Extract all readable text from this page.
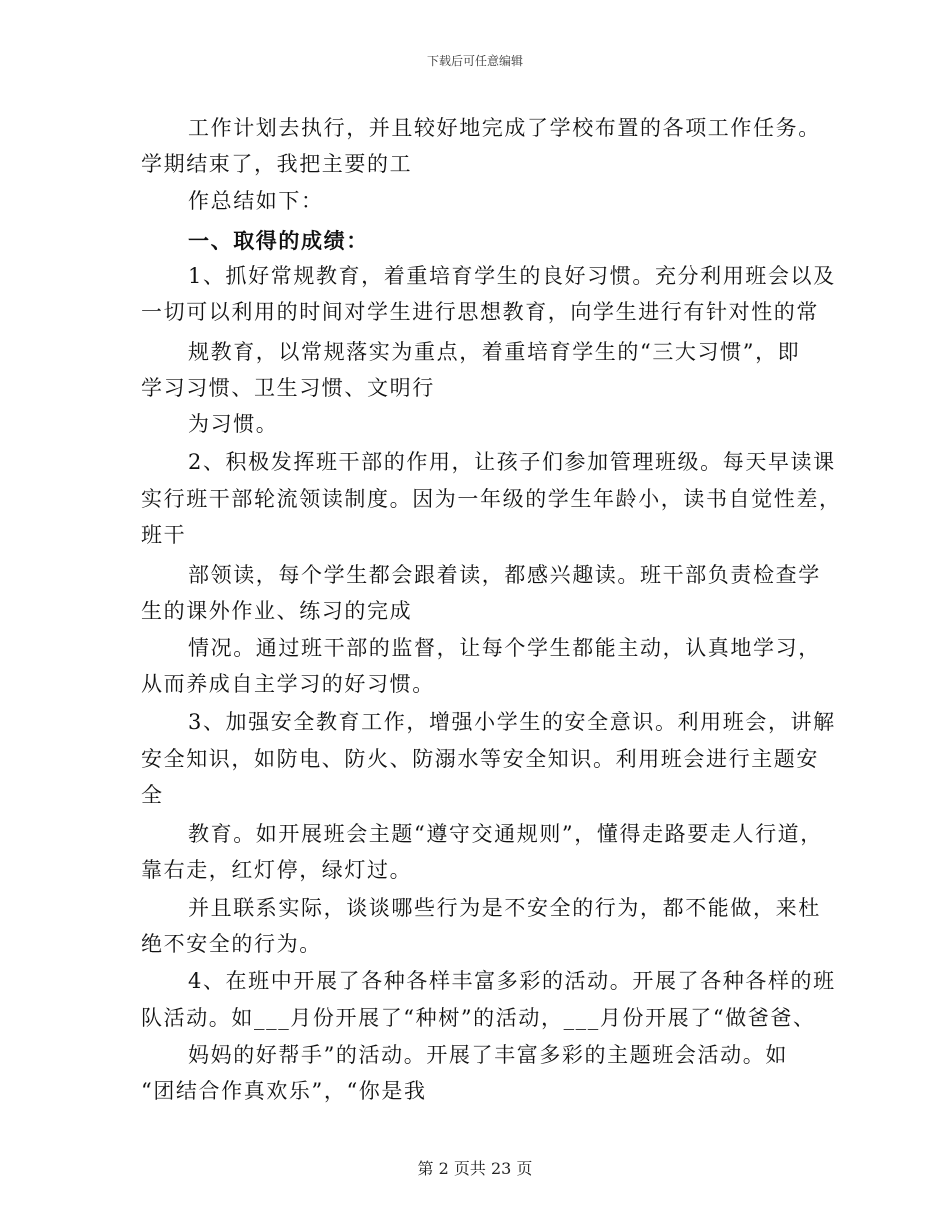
下载后可任意编辑
工作计划去执行，并且较好地完成了学校布置的各项工作任务。
学期结束了，我把主要的工
作总结如下：
一、取得的成绩：
1、抓好常规教育，着重培育学生的良好习惯。充分利用班会以及
一切可以利用的时间对学生进行思想教育，向学生进行有针对性的常
规教育，以常规落实为重点，着重培育学生的“三大习惯”，即
学习习惯、卫生习惯、文明行
为习惯。
2、积极发挥班干部的作用，让孩子们参加管理班级。每天早读课
实行班干部轮流领读制度。因为一年级的学生年龄小，读书自觉性差，
班干
部领读，每个学生都会跟着读，都感兴趣读。班干部负责检查学
生的课外作业、练习的完成
情况。通过班干部的监督，让每个学生都能主动，认真地学习，
从而养成自主学习的好习惯。
3、加强安全教育工作，增强小学生的安全意识。利用班会，讲解
安全知识，如防电、防火、防溺水等安全知识。利用班会进行主题安
全
教育。如开展班会主题“遵守交通规则”，懂得走路要走人行道，
靠右走，红灯停，绿灯过。
并且联系实际，谈谈哪些行为是不安全的行为，都不能做，来杜
绝不安全的行为。
4、在班中开展了各种各样丰富多彩的活动。开展了各种各样的班
队活动。如___月份开展了“种树”的活动，___月份开展了“做爸爸、
妈妈的好帮手”的活动。开展了丰富多彩的主题班会活动。如
“团结合作真欢乐”，“你是我
第 2 页共 23 页
